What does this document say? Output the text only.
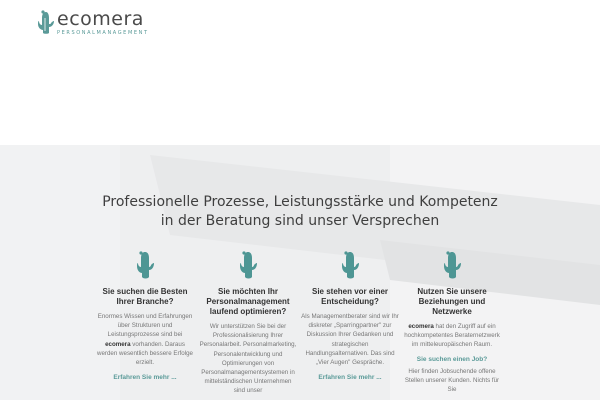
ecomera
PERSONALMANAGEMENT
Professionelle Prozesse, Leistungsstärke und Kompetenz in der Beratung sind unser Versprechen
Sie suchen die Besten Ihrer Branche?
Enormes Wissen und Erfahrungen über Strukturen und Leistungsprozesse sind bei ecomera vorhanden. Daraus werden wesentlich bessere Erfolge erzielt.
Erfahren Sie mehr ...
Sie möchten Ihr Personalmanagement laufend optimieren?
Wir unterstützen Sie bei der Professionalisierung Ihrer Personalarbeit. Personalmarketing, Personalentwicklung und Optimierungen von Personalmanagementsystemen in mittelständischen Unternehmen sind unser
Sie stehen vor einer Entscheidung?
Als Managementberater sind wir Ihr diskreter „Sparringpartner" zur Diskussion Ihrer Gedanken und strategischen Handlungsalternativen. Das sind „Vier Augen" Gespräche.
Erfahren Sie mehr ...
Nutzen Sie unsere Beziehungen und Netzwerke
ecomera hat den Zugriff auf ein hochkompetentes Beraternetzwerk im mitteleuropäischen Raum.
Sie suchen einen Job?
Hier finden Jobsuchende offene Stellen unserer Kunden. Nichts für Sie
